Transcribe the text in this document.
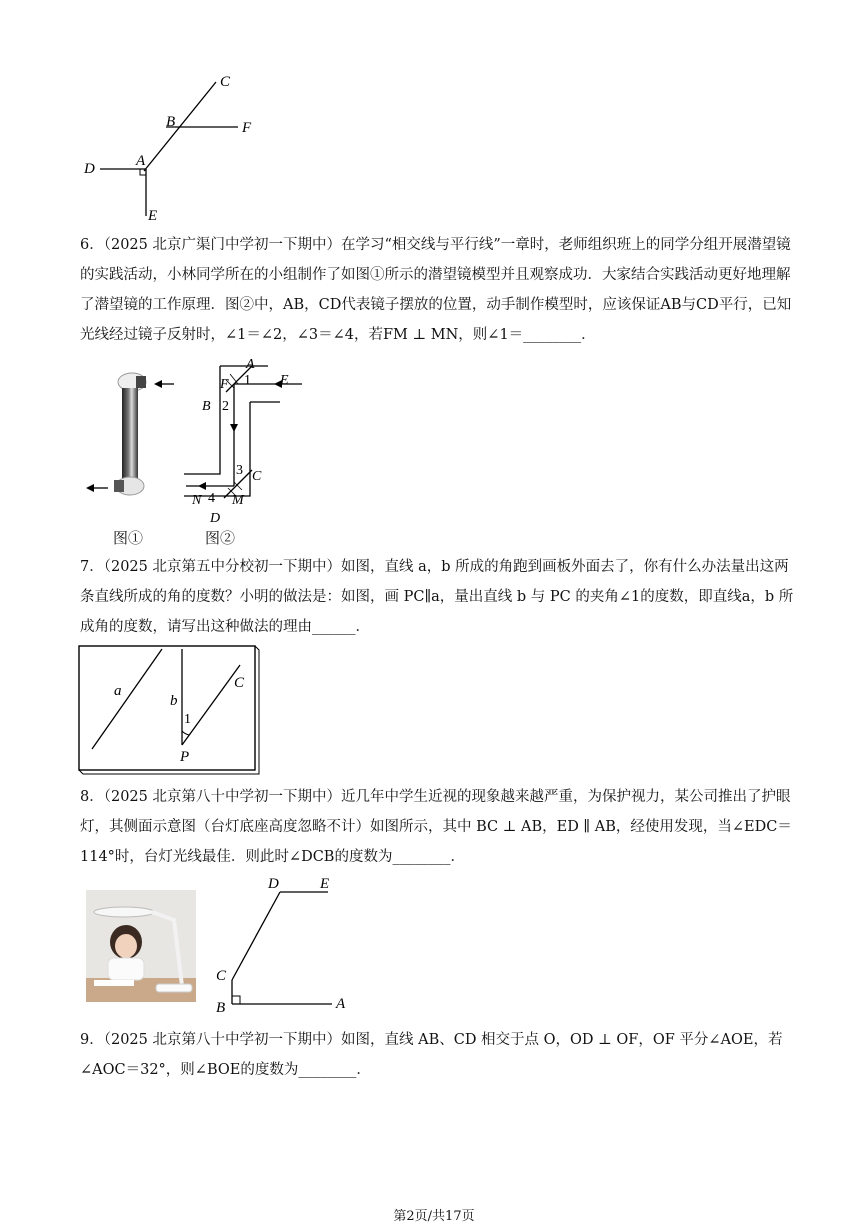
C
B	F
A
D
E

6．（2025 北京广渠门中学初一下期中）在学习“相交线与平行线”一章时，老师组织班上的同学分组开展潜望镜的实践活动，小林同学所在的小组制作了如图①所示的潜望镜模型并且观察成功．大家结合实践活动更好地理解了潜望镜的工作原理．图②中，AB，CD代表镜子摆放的位置，动手制作模型时，应该保证AB与CD平行，已知光线经过镜子反射时，∠1＝∠2，∠3＝∠4，若FM ⊥ MN，则∠1＝________．

A
F 1 E
B 2
3 C
N 4 M
D
图①	图②

7．（2025 北京第五中分校初一下期中）如图，直线 a，b 所成的角跑到画板外面去了，你有什么办法量出这两条直线所成的角的度数？小明的做法是：如图，画 PC∥a，量出直线 b 与 PC 的夹角∠1的度数，即直线a，b 所成角的度数，请写出这种做法的理由______．

a
b
C
1
P

8．（2025 北京第八十中学初一下期中）近几年中学生近视的现象越来越严重，为保护视力，某公司推出了护眼灯，其侧面示意图（台灯底座高度忽略不计）如图所示，其中 BC ⊥ AB，ED ∥ AB，经使用发现，当∠EDC＝114°时，台灯光线最佳．则此时∠DCB的度数为________．

D	E
C
B	A

9．（2025 北京第八十中学初一下期中）如图，直线 AB、CD 相交于点 O，OD ⊥ OF，OF 平分∠AOE，若∠AOC＝32°，则∠BOE的度数为________．

第2页/共17页
